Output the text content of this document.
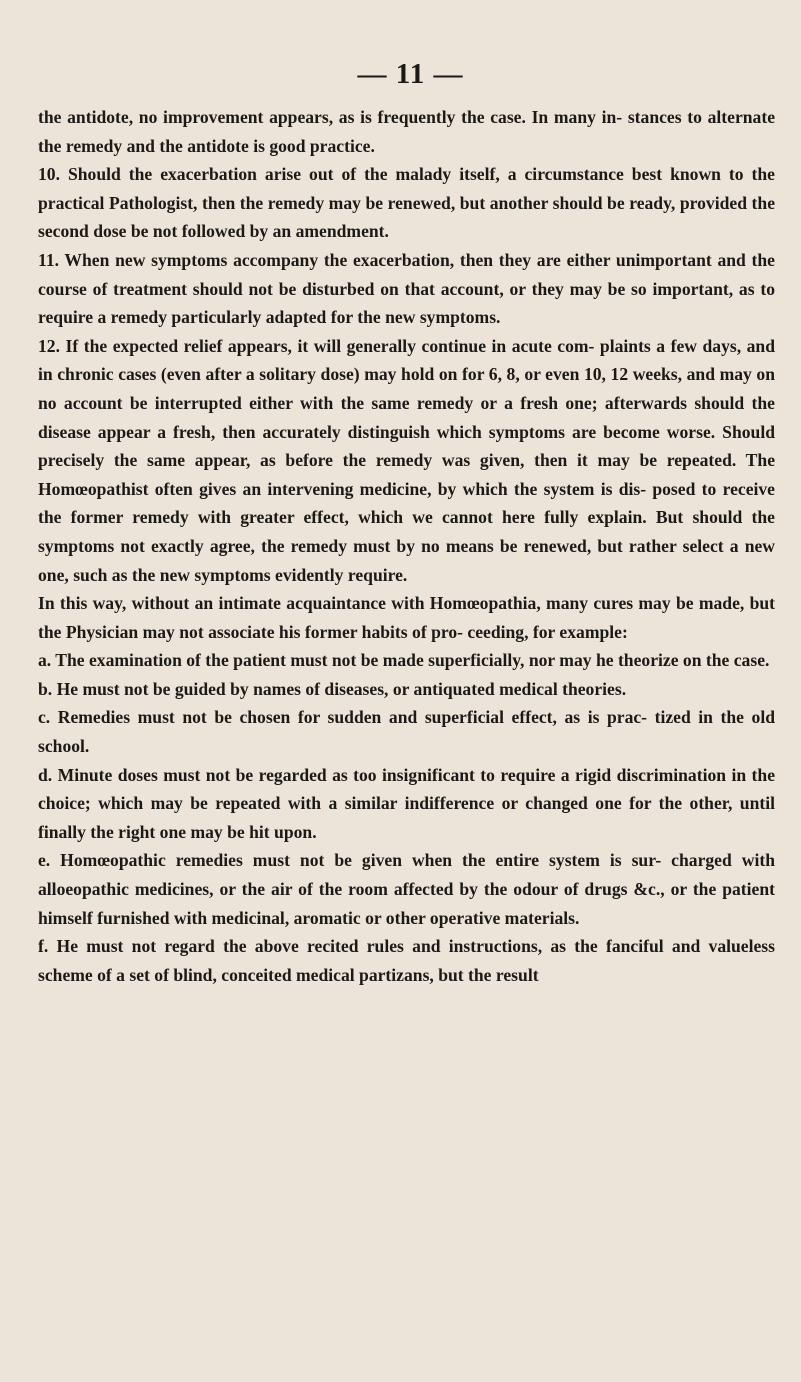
— 11 —

the antidote, no improvement appears, as is frequently the case. In many in- stances to alternate the remedy and the antidote is good practice.

10. Should the exacerbation arise out of the malady itself, a circumstance best known to the practical Pathologist, then the remedy may be renewed, but another should be ready, provided the second dose be not followed by an amendment.

11. When new symptoms accompany the exacerbation, then they are either unimportant and the course of treatment should not be disturbed on that account, or they may be so important, as to require a remedy particularly adapted for the new symptoms.

12. If the expected relief appears, it will generally continue in acute com- plaints a few days, and in chronic cases (even after a solitary dose) may hold on for 6, 8, or even 10, 12 weeks, and may on no account be interrupted either with the same remedy or a fresh one; afterwards should the disease appear a fresh, then accurately distinguish which symptoms are become worse. Should precisely the same appear, as before the remedy was given, then it may be repeated. The Homœopathist often gives an intervening medicine, by which the system is dis- posed to receive the former remedy with greater effect, which we cannot here fully explain. But should the symptoms not exactly agree, the remedy must by no means be renewed, but rather select a new one, such as the new symptoms evidently require.

In this way, without an intimate acquaintance with Homœopathia, many cures may be made, but the Physician may not associate his former habits of pro- ceeding, for example:

a. The examination of the patient must not be made superficially, nor may he theorize on the case.

b. He must not be guided by names of diseases, or antiquated medical theories.

c. Remedies must not be chosen for sudden and superficial effect, as is prac- tized in the old school.

d. Minute doses must not be regarded as too insignificant to require a rigid discrimination in the choice; which may be repeated with a similar indifference or changed one for the other, until finally the right one may be hit upon.

e. Homœopathic remedies must not be given when the entire system is sur- charged with alloeopathic medicines, or the air of the room affected by the odour of drugs &c., or the patient himself furnished with medicinal, aromatic or other operative materials.

f. He must not regard the above recited rules and instructions, as the fanciful and valueless scheme of a set of blind, conceited medical partizans, but the result
